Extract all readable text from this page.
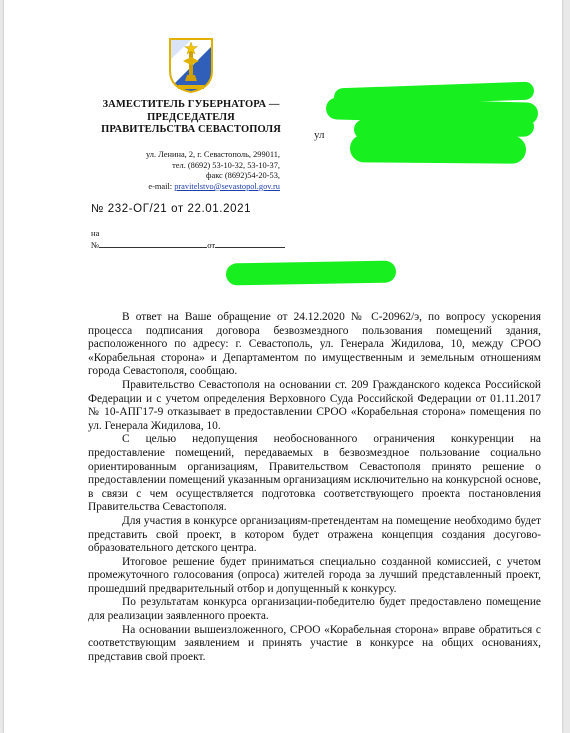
ЗАМЕСТИТЕЛЬ ГУБЕРНАТОРА —
ПРЕДСЕДАТЕЛЯ
ПРАВИТЕЛЬСТВА СЕВАСТОПОЛЯ
ул. Ленина, 2, г. Севастополь, 299011,
тел. (8692) 53-10-32, 53-10-37,
факс (8692)54-20-53,
e-mail: pravitelstvo@sevastopol.gov.ru
№ 232-ОГ/21 от 22.01.2021
на
№	от
ул

В ответ на Ваше обращение от 24.12.2020 № С-20962/э, по вопросу ускорения процесса подписания договора безвозмездного пользования помещений здания, расположенного по адресу: г. Севастополь, ул. Генерала Жидилова, 10, между СРОО «Корабельная сторона» и Департаментом по имущественным и земельным отношениям города Севастополя, сообщаю.

Правительство Севастополя на основании ст. 209 Гражданского кодекса Российской Федерации и с учетом определения Верховного Суда Российской Федерации от 01.11.2017 № 10-АПГ17-9 отказывает в предоставлении СРОО «Корабельная сторона» помещения по ул. Генерала Жидилова, 10.

С целью недопущения необоснованного ограничения конкуренции на предоставление помещений, передаваемых в безвозмездное пользование социально ориентированным организациям, Правительством Севастополя принято решение о предоставлении помещений указанным организациям исключительно на конкурсной основе, в связи с чем осуществляется подготовка соответствующего проекта постановления Правительства Севастополя.

Для участия в конкурсе организациям-претендентам на помещение необходимо будет представить свой проект, в котором будет отражена концепция создания досугово-образовательного детского центра.

Итоговое решение будет приниматься специально созданной комиссией, с учетом промежуточного голосования (опроса) жителей города за лучший представленный проект, прошедший предварительный отбор и допущенный к конкурсу.

По результатам конкурса организации-победителю будет предоставлено помещение для реализации заявленного проекта.

На основании вышеизложенного, СРОО «Корабельная сторона» вправе обратиться с соответствующим заявлением и принять участие в конкурсе на общих основаниях, представив свой проект.
